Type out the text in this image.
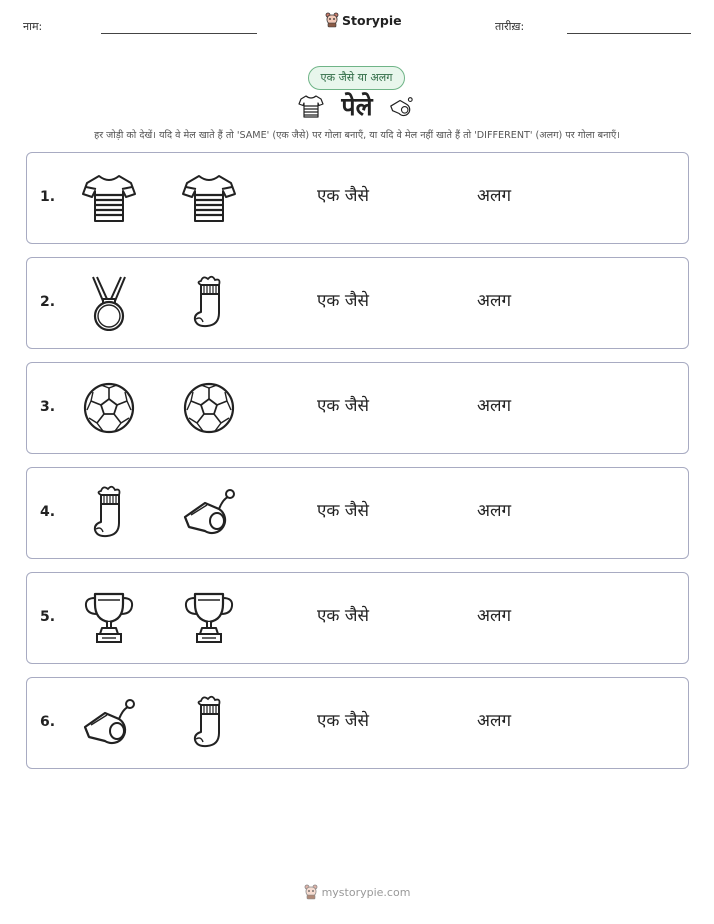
नाम:	Storypie	तारीख़:
एक जैसे या अलग
पेले
हर जोड़ी को देखें। यदि वे मेल खाते हैं तो 'SAME' (एक जैसे) पर गोला बनाएँ, या यदि वे मेल नहीं खाते हैं तो 'DIFFERENT' (अलग) पर गोला बनाएँ।
1.	एक जैसे	अलग
2.	एक जैसे	अलग
3.	एक जैसे	अलग
4.	एक जैसे	अलग
5.	एक जैसे	अलग
6.	एक जैसे	अलग
mystorypie.com
